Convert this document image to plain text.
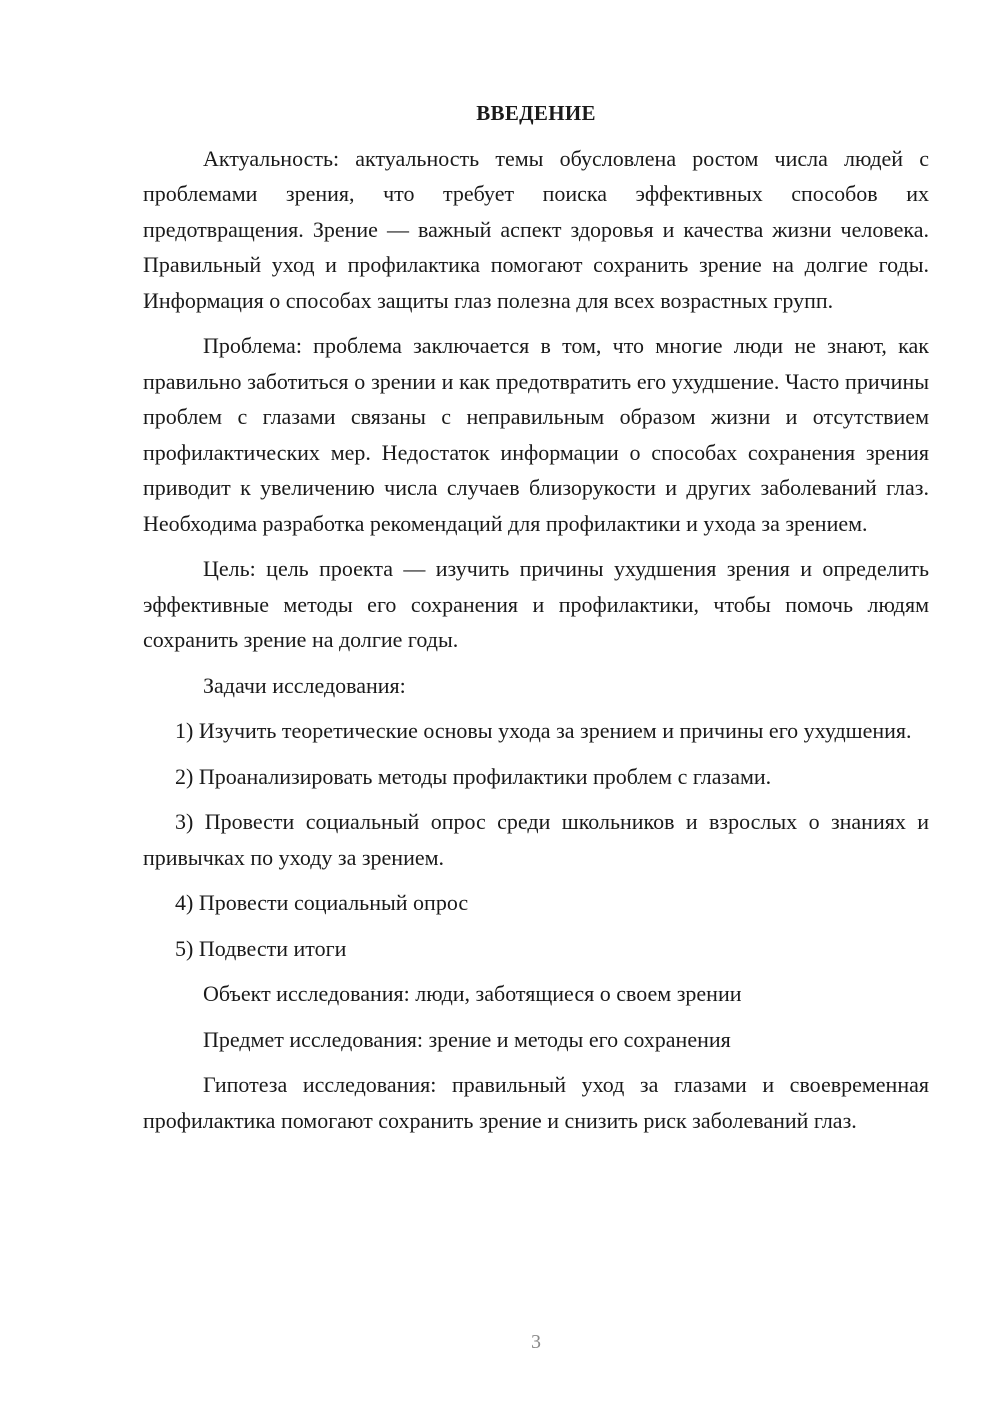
ВВЕДЕНИЕ

Актуальность: актуальность темы обусловлена ростом числа людей с проблемами зрения, что требует поиска эффективных способов их предотвращения. Зрение — важный аспект здоровья и качества жизни человека. Правильный уход и профилактика помогают сохранить зрение на долгие годы. Информация о способах защиты глаз полезна для всех возрастных групп.

Проблема: проблема заключается в том, что многие люди не знают, как правильно заботиться о зрении и как предотвратить его ухудшение. Часто причины проблем с глазами связаны с неправильным образом жизни и отсутствием профилактических мер. Недостаток информации о способах сохранения зрения приводит к увеличению числа случаев близорукости и других заболеваний глаз. Необходима разработка рекомендаций для профилактики и ухода за зрением.

Цель: цель проекта — изучить причины ухудшения зрения и определить эффективные методы его сохранения и профилактики, чтобы помочь людям сохранить зрение на долгие годы.

Задачи исследования:

1) Изучить теоретические основы ухода за зрением и причины его ухудшения.

2) Проанализировать методы профилактики проблем с глазами.

3) Провести социальный опрос среди школьников и взрослых о знаниях и привычках по уходу за зрением.

4) Провести социальный опрос

5) Подвести итоги

Объект исследования: люди, заботящиеся о своем зрении

Предмет исследования: зрение и методы его сохранения

Гипотеза исследования: правильный уход за глазами и своевременная профилактика помогают сохранить зрение и снизить риск заболеваний глаз.

3
